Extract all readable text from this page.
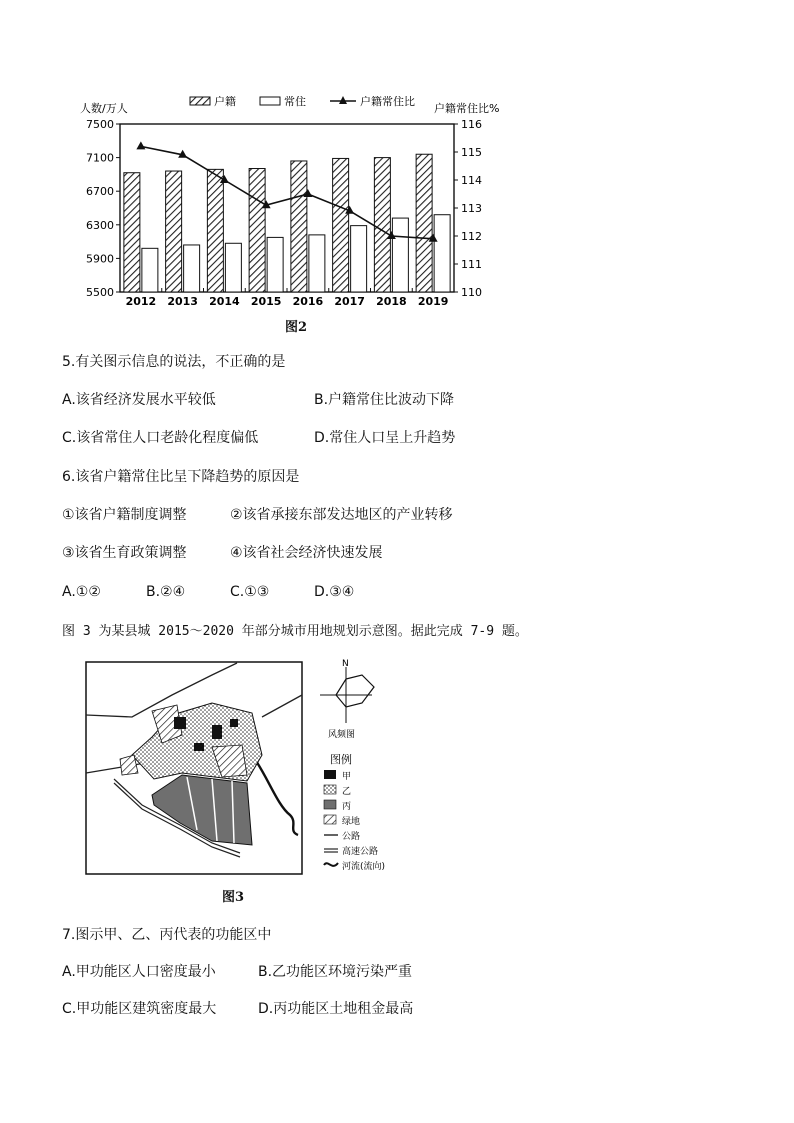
户籍	常住	户籍常住比
5500
5900
6300
6700
7100
7500
110
111
112
113
114
115
116
人数/万人	户籍常住比%
2012 2013 2014 2015 2016 2017 2018 2019
图2
5.有关图示信息的说法，不正确的是
A.该省经济发展水平较低	B.户籍常住比波动下降
C.该省常住人口老龄化程度偏低	D.常住人口呈上升趋势
6.该省户籍常住比呈下降趋势的原因是
①该省户籍制度调整	②该省承接东部发达地区的产业转移
③该省生育政策调整	④该省社会经济快速发展
A.①②	B.②④	C.①③	D.③④
图 3 为某县城 2015～2020 年部分城市用地规划示意图。据此完成 7-9 题。
N
风频图
图例
甲
乙
丙
绿地
公路
高速公路
河流(流向)
图3
7.图示甲、乙、丙代表的功能区中
A.甲功能区人口密度最小	B.乙功能区环境污染严重
C.甲功能区建筑密度最大	D.丙功能区土地租金最高
